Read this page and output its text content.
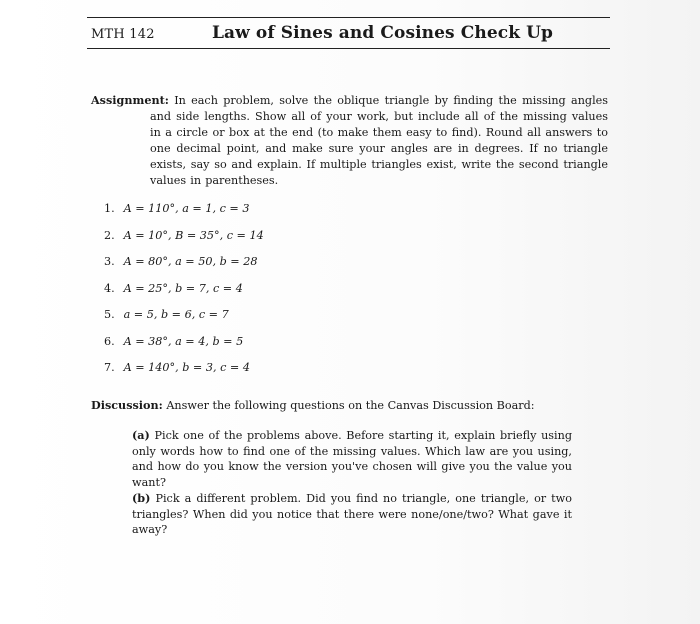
MTH 142	Law of Sines and Cosines Check Up
Assignment: In each problem, solve the oblique triangle by finding the missing angles and side lengths. Show all of your work, but include all of the missing values in a circle or box at the end (to make them easy to find). Round all answers to one decimal point, and make sure your angles are in degrees. If no triangle exists, say so and explain. If multiple triangles exist, write the second triangle values in parentheses.
1. A = 110°, a = 1, c = 3
2. A = 10°, B = 35°, c = 14
3. A = 80°, a = 50, b = 28
4. A = 25°, b = 7, c = 4
5. a = 5, b = 6, c = 7
6. A = 38°, a = 4, b = 5
7. A = 140°, b = 3, c = 4
Discussion: Answer the following questions on the Canvas Discussion Board:

(a) Pick one of the problems above. Before starting it, explain briefly using only words how to find one of the missing values. Which law are you using, and how do you know the version you've chosen will give you the value you want?

(b) Pick a different problem. Did you find no triangle, one triangle, or two triangles? When did you notice that there were none/one/two? What gave it away?
